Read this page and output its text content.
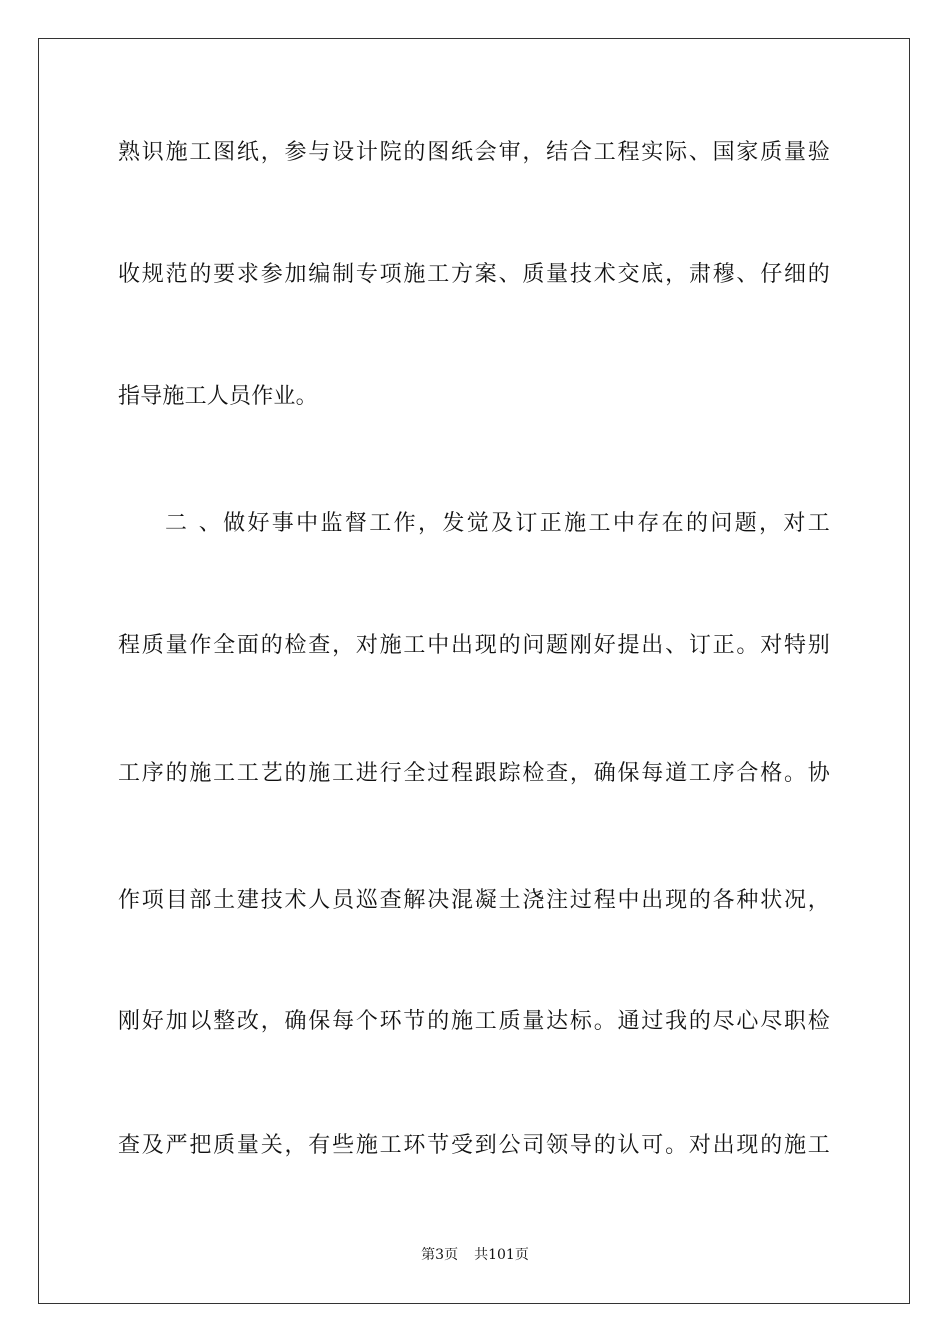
熟识施工图纸，参与设计院的图纸会审，结合工程实际、国家质量验
收规范的要求参加编制专项施工方案、质量技术交底，肃穆、仔细的
指导施工人员作业。
二 、做好事中监督工作，发觉及订正施工中存在的问题，对工
程质量作全面的检查，对施工中出现的问题刚好提出、订正。对特别
工序的施工工艺的施工进行全过程跟踪检查，确保每道工序合格。协
作项目部土建技术人员巡查解决混凝土浇注过程中出现的各种状况，
刚好加以整改，确保每个环节的施工质量达标。通过我的尽心尽职检
查及严把质量关，有些施工环节受到公司领导的认可。对出现的施工
第3页 共101页
